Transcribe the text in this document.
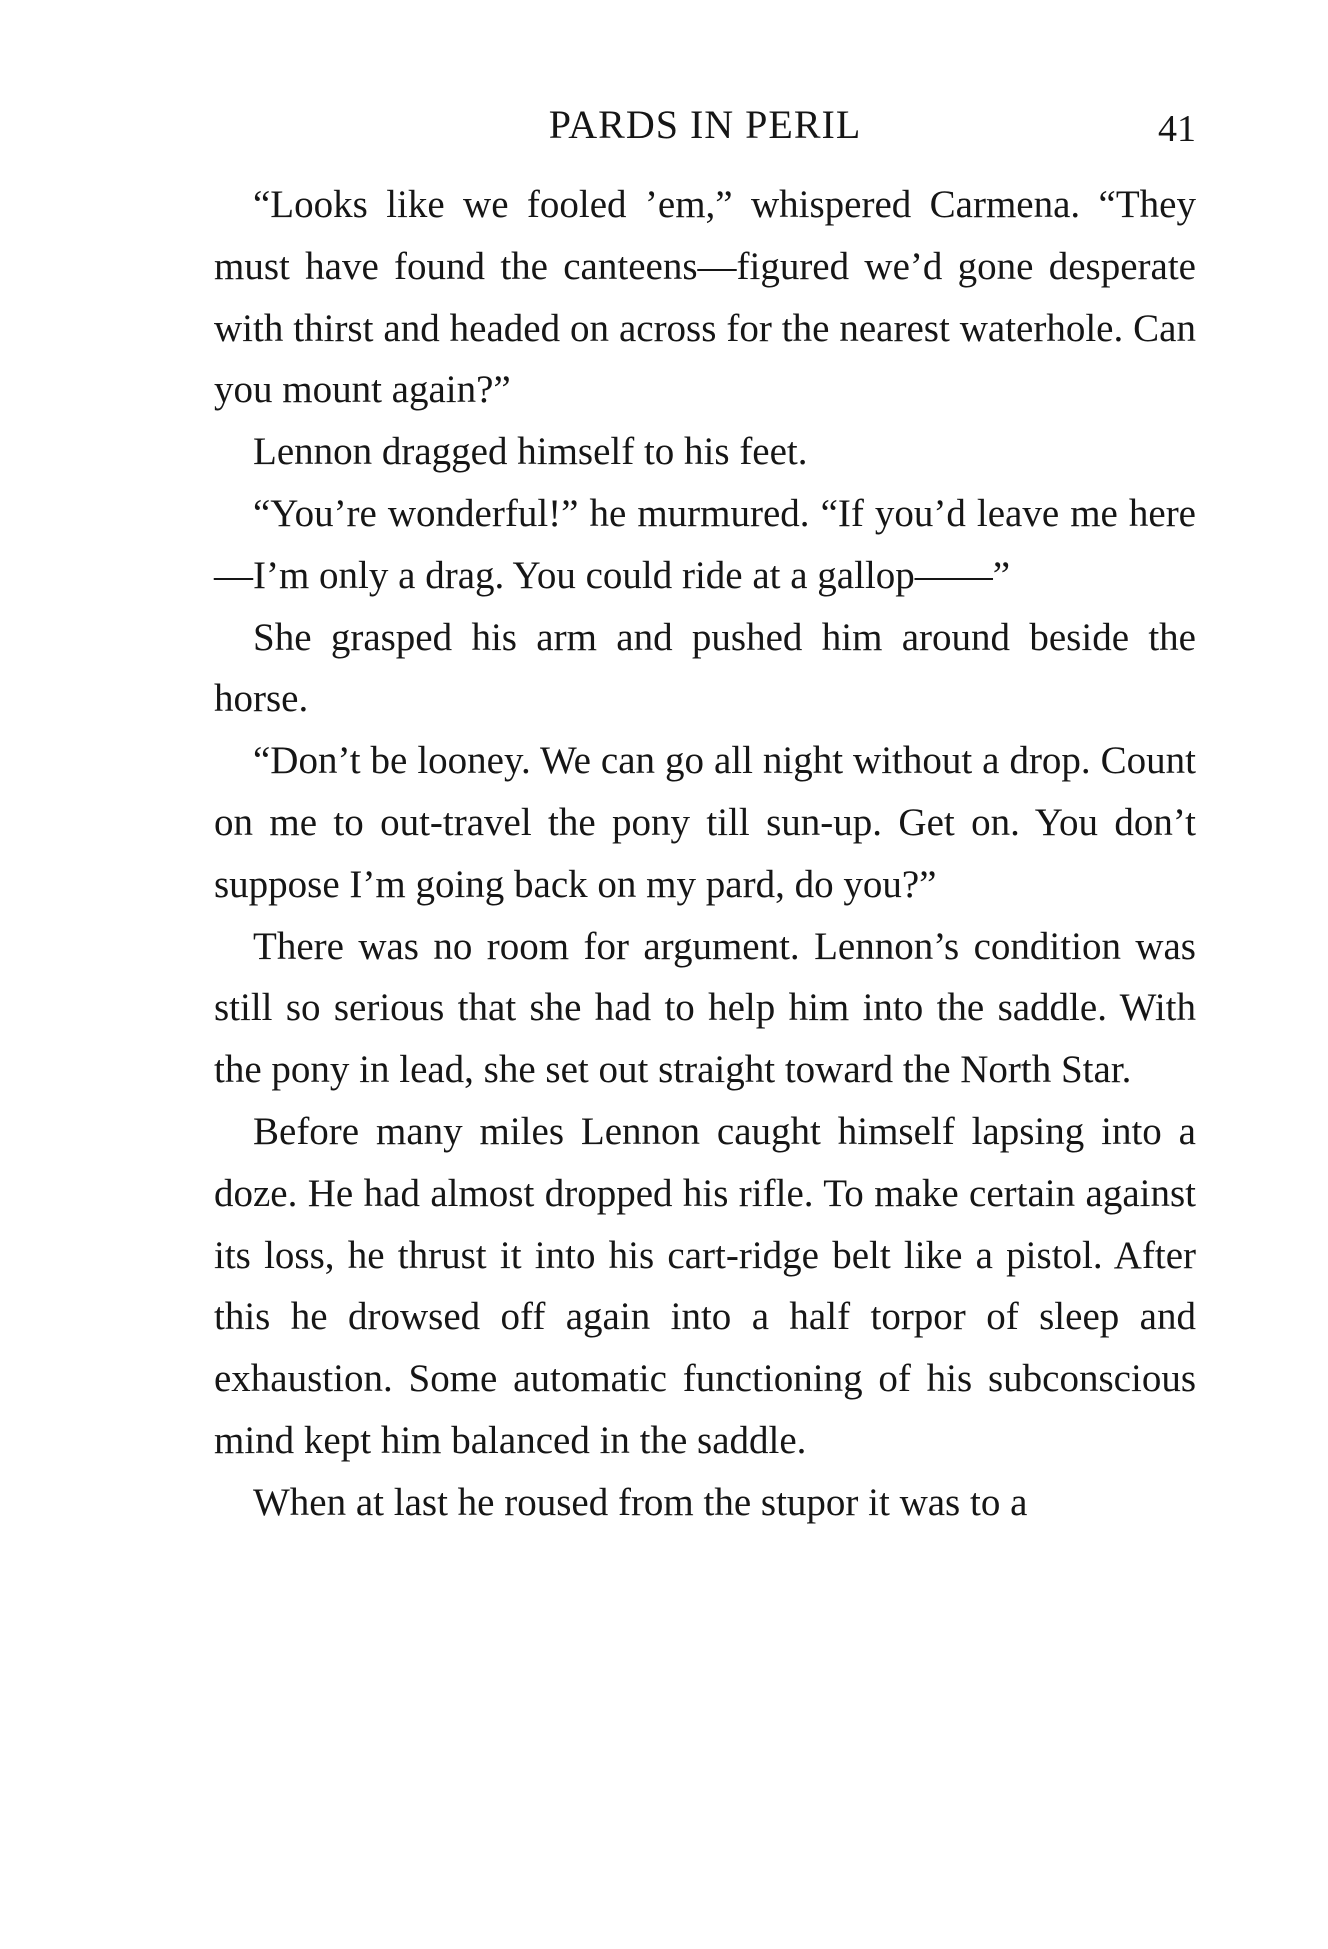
PARDS IN PERIL	41

“Looks like we fooled ’em,” whispered Carmena. “They must have found the canteens—figured we’d gone desperate with thirst and headed on across for the nearest waterhole. Can you mount again?”

Lennon dragged himself to his feet.

“You’re wonderful!” he murmured. “If you’d leave me here—I’m only a drag. You could ride at a gallop——”

She grasped his arm and pushed him around beside the horse.

“Don’t be looney. We can go all night without a drop. Count on me to out-travel the pony till sun-up. Get on. You don’t suppose I’m going back on my pard, do you?”

There was no room for argument. Lennon’s condition was still so serious that she had to help him into the saddle. With the pony in lead, she set out straight toward the North Star.

Before many miles Lennon caught himself lapsing into a doze. He had almost dropped his rifle. To make certain against its loss, he thrust it into his cart-ridge belt like a pistol. After this he drowsed off again into a half torpor of sleep and exhaustion. Some automatic functioning of his subconscious mind kept him balanced in the saddle.

When at last he roused from the stupor it was to a
